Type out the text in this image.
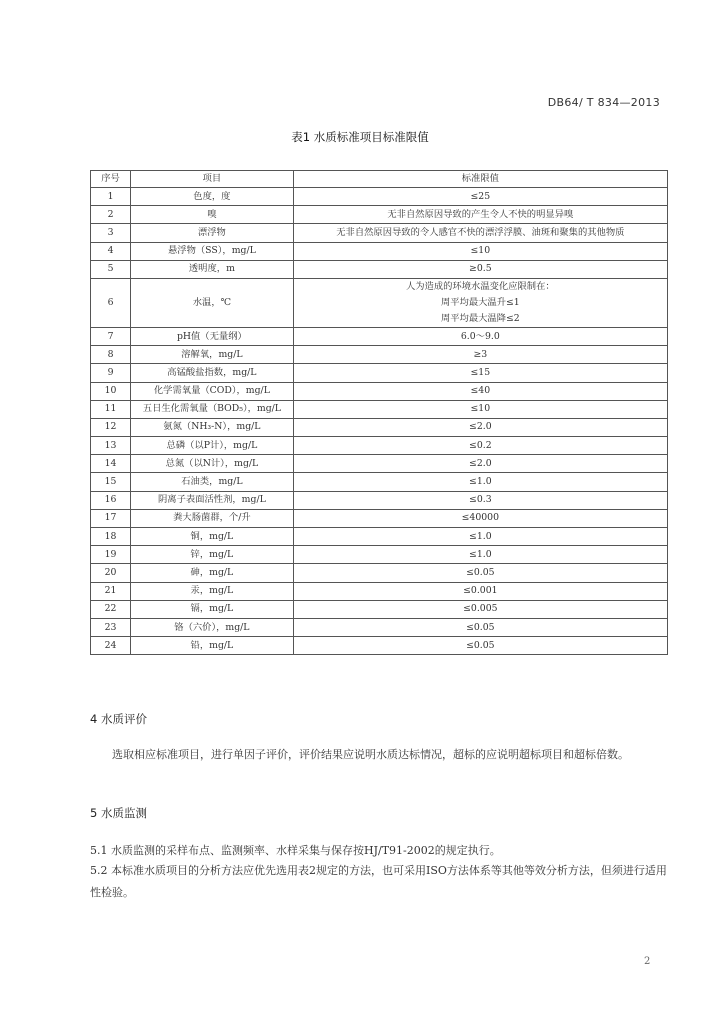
DB64/ T 834—2013
表1 水质标准项目标准限值
序号	项目	标准限值
1	色度，度	≤25
2	嗅	无非自然原因导致的产生令人不快的明显异嗅
3	漂浮物	无非自然原因导致的令人感官不快的漂浮浮膜、油斑和聚集的其他物质
4	悬浮物（SS），mg/L	≤10
5	透明度，m	≥0.5
6	水温，℃	人为造成的环境水温变化应限制在：
周平均最大温升≤1
周平均最大温降≤2

7	pH值（无量纲）	6.0～9.0
8	溶解氧，mg/L	≥3
9	高锰酸盐指数，mg/L	≤15
10	化学需氧量（COD），mg/L	≤40
11	五日生化需氧量（BOD₅），mg/L	≤10
12	氨氮（NH₃-N），mg/L	≤2.0
13	总磷（以P计），mg/L	≤0.2
14	总氮（以N计），mg/L	≤2.0
15	石油类，mg/L	≤1.0
16	阴离子表面活性剂，mg/L	≤0.3
17	粪大肠菌群，个/升	≤40000
18	铜，mg/L	≤1.0
19	锌，mg/L	≤1.0
20	砷，mg/L	≤0.05
21	汞，mg/L	≤0.001
22	镉，mg/L	≤0.005
23	铬（六价），mg/L	≤0.05
24	铅，mg/L	≤0.05
4 水质评价
选取相应标准项目，进行单因子评价，评价结果应说明水质达标情况，超标的应说明超标项目和超标倍数。
5 水质监测
5.1 水质监测的采样布点、监测频率、水样采集与保存按HJ/T91-2002的规定执行。
5.2 本标准水质项目的分析方法应优先选用表2规定的方法，也可采用ISO方法体系等其他等效分析方法，但须进行适用性检验。
2
